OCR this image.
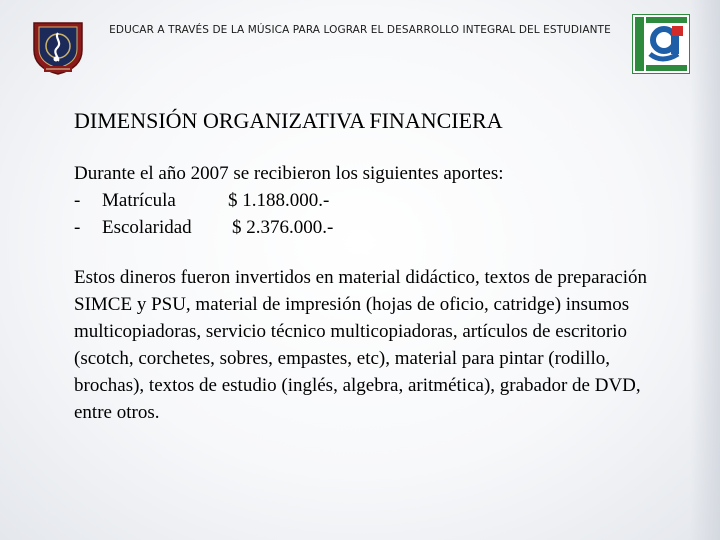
EDUCAR A TRAVÉS DE LA MÚSICA PARA LOGRAR EL DESARROLLO INTEGRAL DEL ESTUDIANTE
DIMENSIÓN ORGANIZATIVA FINANCIERA
Durante el año 2007 se recibieron los siguientes aportes:
-	Matrícula	$ 1.188.000.-
-	Escolaridad	$ 2.376.000.-
Estos dineros fueron invertidos en material didáctico, textos de preparación SIMCE y PSU, material de impresión (hojas de oficio, catridge) insumos multicopiadoras, servicio técnico multicopiadoras, artículos de escritorio (scotch, corchetes, sobres, empastes, etc), material para pintar (rodillo, brochas), textos de estudio (inglés, algebra, aritmética), grabador de DVD, entre otros.
